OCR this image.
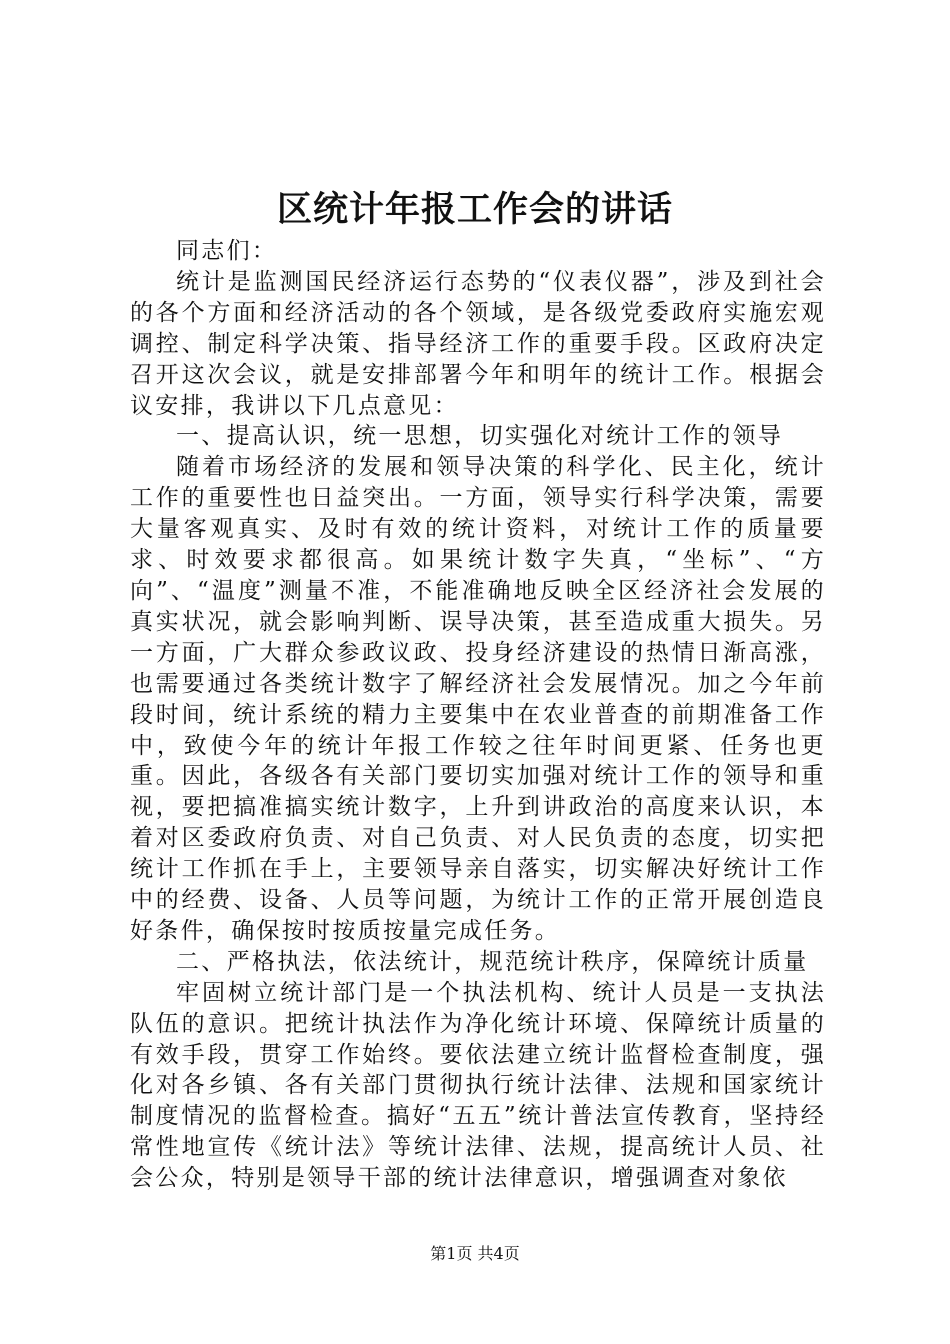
区统计年报工作会的讲话

同志们：

统计是监测国民经济运行态势的“仪表仪器”，涉及到社会的各个方面和经济活动的各个领域，是各级党委政府实施宏观调控、制定科学决策、指导经济工作的重要手段。区政府决定召开这次会议，就是安排部署今年和明年的统计工作。根据会议安排，我讲以下几点意见：

一、提高认识，统一思想，切实强化对统计工作的领导

随着市场经济的发展和领导决策的科学化、民主化，统计工作的重要性也日益突出。一方面，领导实行科学决策，需要大量客观真实、及时有效的统计资料，对统计工作的质量要求、时效要求都很高。如果统计数字失真，“坐标”、“方向”、“温度”测量不准，不能准确地反映全区经济社会发展的真实状况，就会影响判断、误导决策，甚至造成重大损失。另一方面，广大群众参政议政、投身经济建设的热情日渐高涨，也需要通过各类统计数字了解经济社会发展情况。加之今年前段时间，统计系统的精力主要集中在农业普查的前期准备工作中，致使今年的统计年报工作较之往年时间更紧、任务也更重。因此，各级各有关部门要切实加强对统计工作的领导和重视，要把搞准搞实统计数字，上升到讲政治的高度来认识，本着对区委政府负责、对自己负责、对人民负责的态度，切实把统计工作抓在手上，主要领导亲自落实，切实解决好统计工作中的经费、设备、人员等问题，为统计工作的正常开展创造良好条件，确保按时按质按量完成任务。

二、严格执法，依法统计，规范统计秩序，保障统计质量

牢固树立统计部门是一个执法机构、统计人员是一支执法队伍的意识。把统计执法作为净化统计环境、保障统计质量的有效手段，贯穿工作始终。要依法建立统计监督检查制度，强化对各乡镇、各有关部门贯彻执行统计法律、法规和国家统计制度情况的监督检查。搞好“五五”统计普法宣传教育，坚持经常性地宣传《统计法》等统计法律、法规，提高统计人员、社会公众，特别是领导干部的统计法律意识，增强调查对象依

第1页 共4页
